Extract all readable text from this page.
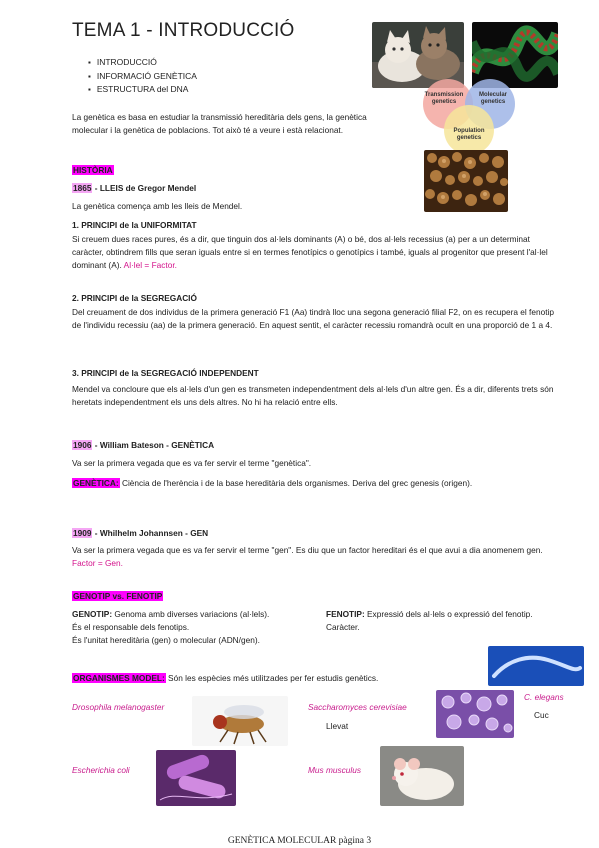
TEMA 1 - INTRODUCCIÓ
▪ INTRODUCCIÓ
▪ INFORMACIÓ GENÈTICA
▪ ESTRUCTURA del DNA
Transmission genetics
Molecular genetics
Population genetics
La genètica es basa en estudiar la transmissió hereditària dels gens, la genètica molecular i la genètica de poblacions. Tot això té a veure i està relacionat.
HISTÒRIA
1865 - LLEIS de Gregor Mendel
La genètica comença amb les lleis de Mendel.
1. PRINCIPI de la UNIFORMITAT
Si creuem dues races pures, és a dir, que tinguin dos al·lels dominants (A) o bé, dos al·lels recessius (a) per a un determinat caràcter, obtindrem fills que seran iguals entre si en termes fenotípics o genotípics i també, iguals al progenitor que present l'al·lel dominant (A). Al·lel = Factor.
2. PRINCIPI de la SEGREGACIÓ
Del creuament de dos individus de la primera generació F1 (Aa) tindrà lloc una segona generació filial F2, on es recupera el fenotip de l'individu recessiu (aa) de la primera generació. En aquest sentit, el caràcter recessiu romandrà ocult en una proporció de 1 a 4.
3. PRINCIPI de la SEGREGACIÓ INDEPENDENT
Mendel va concloure que els al·lels d'un gen es transmeten independentment dels al·lels d'un altre gen. És a dir, diferents trets són heretats independentment els uns dels altres. No hi ha relació entre ells.
1906 - William Bateson - GENÈTICA
Va ser la primera vegada que es va fer servir el terme "genètica".
GENÈTICA: Ciència de l'herència i de la base hereditària dels organismes. Deriva del grec genesis (origen).
1909 - Whilhelm Johannsen - GEN
Va ser la primera vegada que es va fer servir el terme "gen". Es diu que un factor hereditari és el que avui a dia anomenem gen. Factor = Gen.
GENOTIP vs. FENOTIP
GENOTIP: Genoma amb diverses variacions (al·lels).
És el responsable dels fenotips.
És l'unitat hereditària (gen) o molecular (ADN/gen).
FENOTIP: Expressió dels al·lels o expressió del fenotip.
Caràcter.
ORGANISMES MODEL: Són les espècies més utilitzades per fer estudis genètics.
C. elegans
Cuc
Drosophila melanogaster	Saccharomyces cerevisiae
Llevat
Escherichia coli	Mus musculus
GENÈTICA MOLECULAR pàgina 3
